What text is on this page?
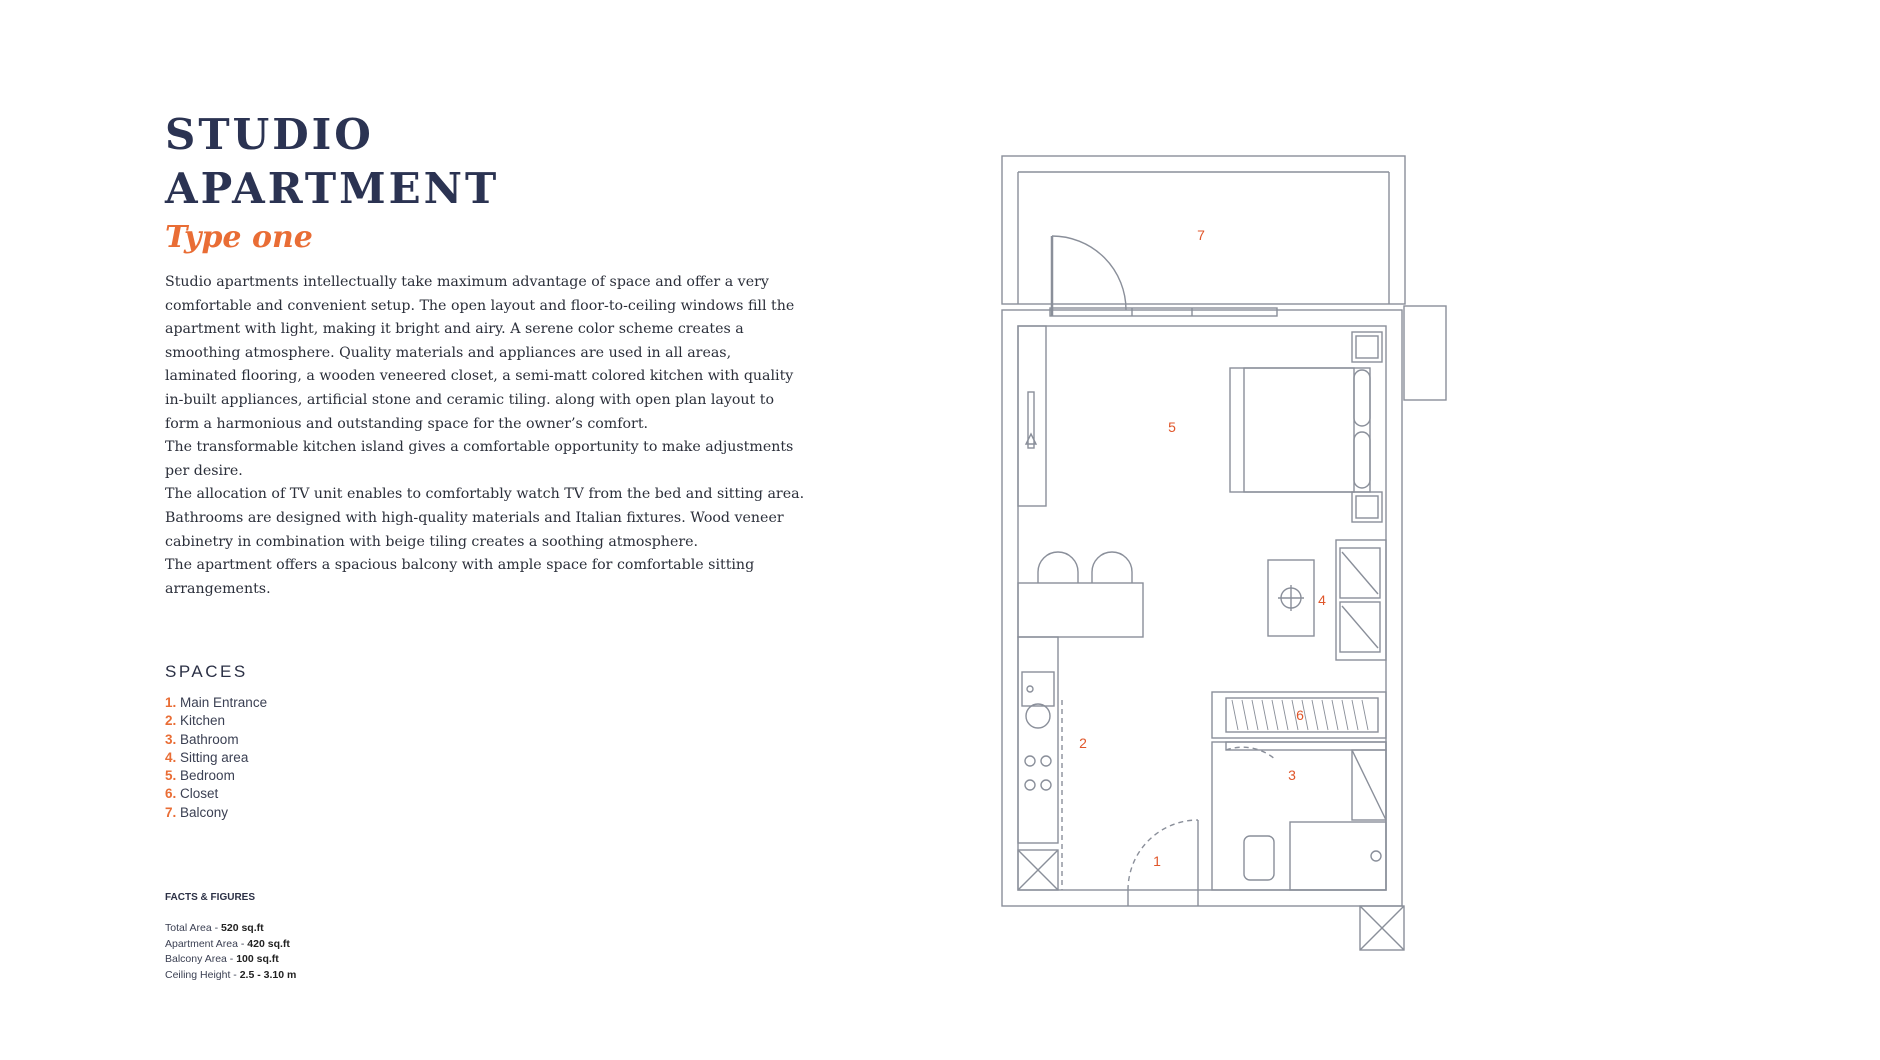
STUDIO
APARTMENT
Type one

Studio apartments intellectually take maximum advantage of space and offer a very comfortable and convenient setup. The open layout and floor-to-ceiling windows fill the apartment with light, making it bright and airy. A serene color scheme creates a smoothing atmosphere. Quality materials and appliances are used in all areas, laminated flooring, a wooden veneered closet, a semi-matt colored kitchen with quality in-built appliances, artificial stone and ceramic tiling. along with open plan layout to form a harmonious and outstanding space for the owner’s comfort.

The transformable kitchen island gives a comfortable opportunity to make adjustments per desire.

The allocation of TV unit enables to comfortably watch TV from the bed and sitting area.

Bathrooms are designed with high-quality materials and Italian fixtures. Wood veneer cabinetry in combination with beige tiling creates a soothing atmosphere.

The apartment offers a spacious balcony with ample space for comfortable sitting arrangements.

SPACES
1. Main Entrance
2. Kitchen
3. Bathroom
4. Sitting area
5. Bedroom
6. Closet
7. Balcony
FACTS & FIGURES
Total Area - 520 sq.ft
Apartment Area - 420 sq.ft
Balcony Area - 100 sq.ft
Ceiling Height - 2.5 - 3.10 m
7
5
4
6
2
3
1
